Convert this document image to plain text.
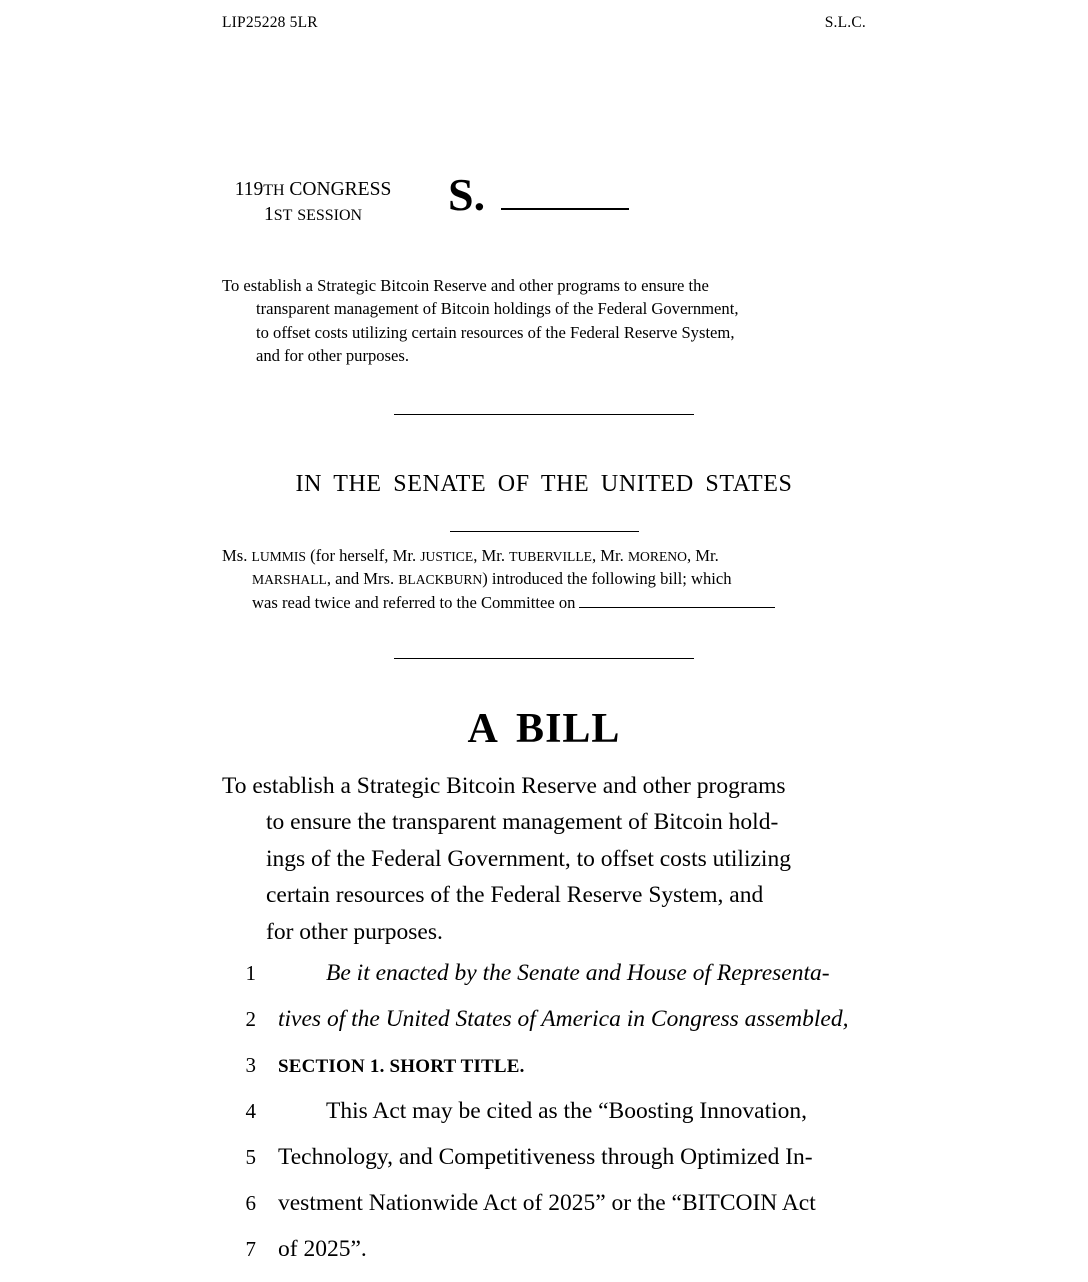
LIP25228 5LR	S.L.C.
119TH CONGRESS
1ST SESSION	S.
To establish a Strategic Bitcoin Reserve and other programs to ensure the
transparent management of Bitcoin holdings of the Federal Government,
to offset costs utilizing certain resources of the Federal Reserve System,
and for other purposes.
IN THE SENATE OF THE UNITED STATES
Ms. LUMMIS (for herself, Mr. JUSTICE, Mr. TUBERVILLE, Mr. MORENO, Mr.
MARSHALL, and Mrs. BLACKBURN) introduced the following bill; which
was read twice and referred to the Committee on
A BILL
To establish a Strategic Bitcoin Reserve and other programs
to ensure the transparent management of Bitcoin hold-
ings of the Federal Government, to offset costs utilizing
certain resources of the Federal Reserve System, and
for other purposes.
1	Be it enacted by the Senate and House of Representa-
2 tives of the United States of America in Congress assembled,
3 SECTION 1. SHORT TITLE.
4	This Act may be cited as the “Boosting Innovation,
5 Technology, and Competitiveness through Optimized In-
6 vestment Nationwide Act of 2025” or the “BITCOIN Act
7 of 2025”.
